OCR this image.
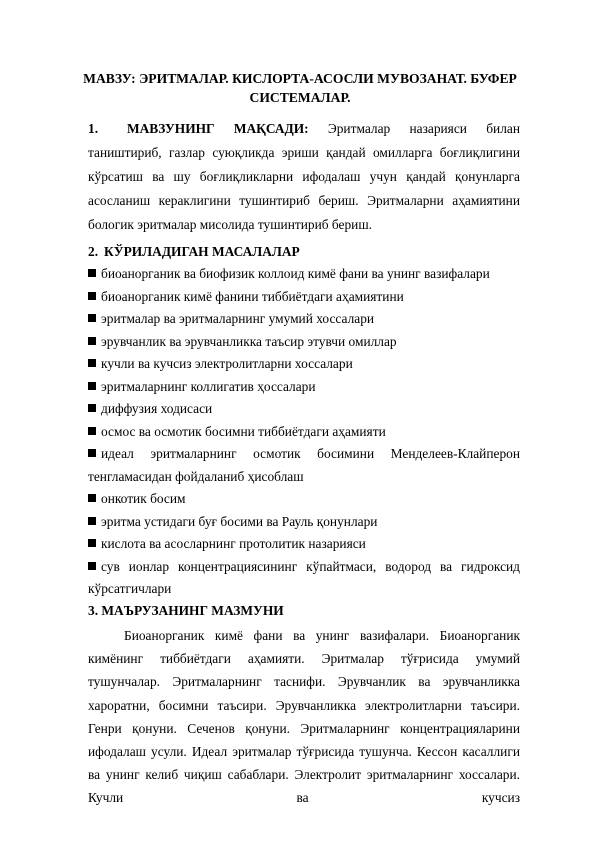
МАВЗУ: ЭРИТМАЛАР. КИСЛОРТА-АСОСЛИ МУВОЗАНАТ. БУФЕР СИСТЕМАЛАР.

1. МАВЗУНИНГ МАҚСАДИ: Эритмалар назарияси билан таништириб, газлар суюқликда эриши қандай омилларга боғлиқлигини кўрсатиш ва шу боғлиқликларни ифодалаш учун қандай қонунларга асосланиш кераклигини тушинтириб бериш. Эритмаларни аҳамиятини бологик эритмалар мисолида тушинтириб бериш.

2. КЎРИЛАДИГАН МАСАЛАЛАР
биоанорганик ва биофизик коллоид кимё фани ва унинг вазифалари
биоанорганик кимё фанини тиббиётдаги аҳамиятини
эритмалар ва эритмаларнинг умумий хоссалари
эрувчанлик ва эрувчанликка таъсир этувчи омиллар
кучли ва кучсиз электролитларни хоссалари
эритмаларнинг коллигатив ҳоссалари
диффузия ходисаси
осмос ва осмотик босимни тиббиётдаги аҳамияти
идеал эритмаларнинг осмотик босимини Менделеев-Клайперон тенгламасидан фойдаланиб ҳисоблаш
онкотик босим
эритма устидаги буғ босими ва Рауль қонунлари
кислота ва асосларнинг протолитик назарияси
сув ионлар концентрациясининг кўпайтмаси, водород ва гидроксид кўрсатгичлари
3. МАЪРУЗАНИНГ МАЗМУНИ

Биоанорганик кимё фани ва унинг вазифалари. Биоанорганик кимёнинг тиббиётдаги аҳамияти. Эритмалар тўғрисида умумий тушунчалар. Эритмаларнинг таснифи. Эрувчанлик ва эрувчанликка хароратни, босимни таъсири. Эрувчанликка электролитларни таъсири. Генри қонуни. Сеченов қонуни. Эритмаларнинг концентрацияларини ифодалаш усули. Идеал эритмалар тўғрисида тушунча. Кессон касаллиги ва унинг келиб чиқиш сабаблари. Электролит эритмаларнинг хоссалари. Кучли ва кучсиз
